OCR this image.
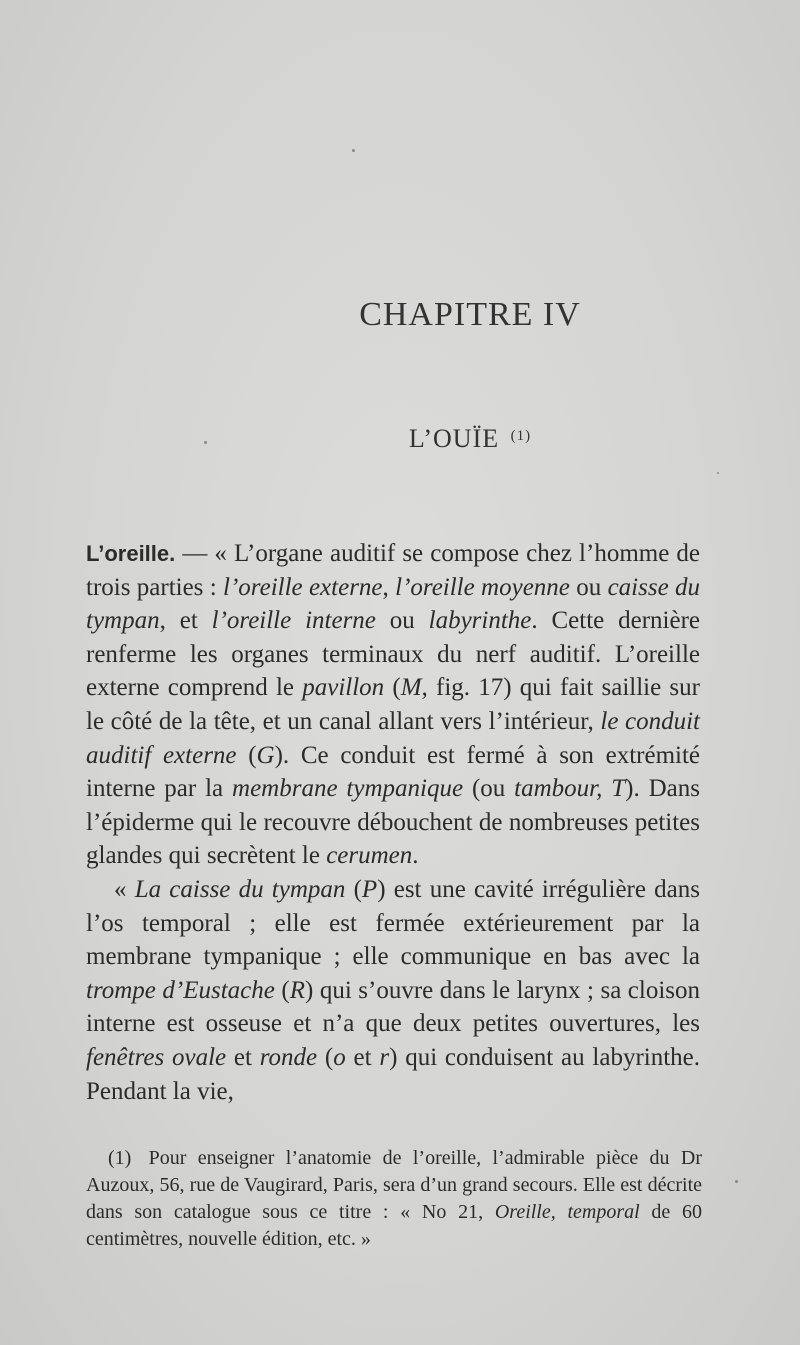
CHAPITRE IV
L’OUÏE $^{(1)}$

L’oreille. — « L’organe auditif se compose chez l’homme de trois parties : l’oreille externe, l’oreille moyenne ou caisse du tympan, et l’oreille interne ou labyrinthe. Cette dernière renferme les organes terminaux du nerf auditif. L’oreille externe comprend le pavillon (M, fig. 17) qui fait saillie sur le côté de la tête, et un canal allant vers l’intérieur, le conduit auditif externe (G). Ce conduit est fermé à son extrémité interne par la membrane tympanique (ou tambour, T). Dans l’épiderme qui le recouvre débouchent de nombreuses petites glandes qui secrètent le cerumen.

« La caisse du tympan (P) est une cavité irrégulière dans l’os temporal ; elle est fermée extérieurement par la membrane tympanique ; elle communique en bas avec la trompe d’Eustache (R) qui s’ouvre dans le larynx ; sa cloison interne est osseuse et n’a que deux petites ouvertures, les fenêtres ovale et ronde (o et r) qui conduisent au labyrinthe. Pendant la vie,

(1) Pour enseigner l’anatomie de l’oreille, l’admirable pièce du Dr Auzoux, 56, rue de Vaugirard, Paris, sera d’un grand secours. Elle est décrite dans son catalogue sous ce titre : « No 21, Oreille, temporal de 60 centimètres, nouvelle édition, etc. »
